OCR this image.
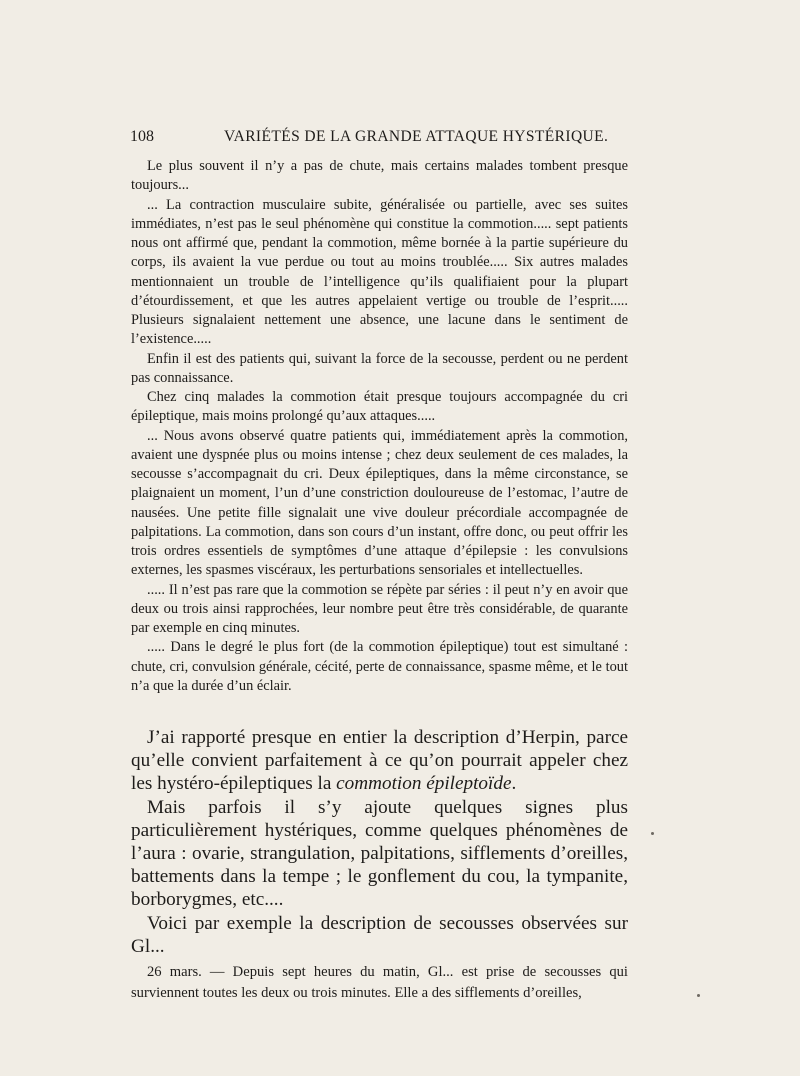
108	VARIÉTÉS DE LA GRANDE ATTAQUE HYSTÉRIQUE.

Le plus souvent il n’y a pas de chute, mais certains malades tombent presque toujours...

... La contraction musculaire subite, généralisée ou partielle, avec ses suites immédiates, n’est pas le seul phénomène qui constitue la commotion..... sept patients nous ont affirmé que, pendant la commotion, même bornée à la partie supérieure du corps, ils avaient la vue perdue ou tout au moins troublée..... Six autres malades mentionnaient un trouble de l’intelligence qu’ils qualifiaient pour la plupart d’étourdissement, et que les autres appelaient vertige ou trouble de l’esprit..... Plusieurs signalaient nettement une absence, une lacune dans le sentiment de l’existence.....

Enfin il est des patients qui, suivant la force de la secousse, perdent ou ne perdent pas connaissance.

Chez cinq malades la commotion était presque toujours accompagnée du cri épileptique, mais moins prolongé qu’aux attaques.....

... Nous avons observé quatre patients qui, immédiatement après la commotion, avaient une dyspnée plus ou moins intense ; chez deux seulement de ces malades, la secousse s’accompagnait du cri. Deux épileptiques, dans la même circonstance, se plaignaient un moment, l’un d’une constriction douloureuse de l’estomac, l’autre de nausées. Une petite fille signalait une vive douleur précordiale accompagnée de palpitations. La commotion, dans son cours d’un instant, offre donc, ou peut offrir les trois ordres essentiels de symptômes d’une attaque d’épilepsie : les convulsions externes, les spasmes viscéraux, les perturbations sensoriales et intellectuelles.

..... Il n’est pas rare que la commotion se répète par séries : il peut n’y en avoir que deux ou trois ainsi rapprochées, leur nombre peut être très considérable, de quarante par exemple en cinq minutes.

..... Dans le degré le plus fort (de la commotion épileptique) tout est simultané : chute, cri, convulsion générale, cécité, perte de connaissance, spasme même, et le tout n’a que la durée d’un éclair.

J’ai rapporté presque en entier la description d’Herpin, parce qu’elle convient parfaitement à ce qu’on pourrait appeler chez les hystéro-épileptiques la commotion épileptoïde.

Mais parfois il s’y ajoute quelques signes plus particulièrement hystériques, comme quelques phénomènes de l’aura : ovarie, strangulation, palpitations, sifflements d’oreilles, battements dans la tempe ; le gonflement du cou, la tympanite, borborygmes, etc....

Voici par exemple la description de secousses observées sur Gl...

26 mars. — Depuis sept heures du matin, Gl... est prise de secousses qui surviennent toutes les deux ou trois minutes. Elle a des sifflements d’oreilles,
